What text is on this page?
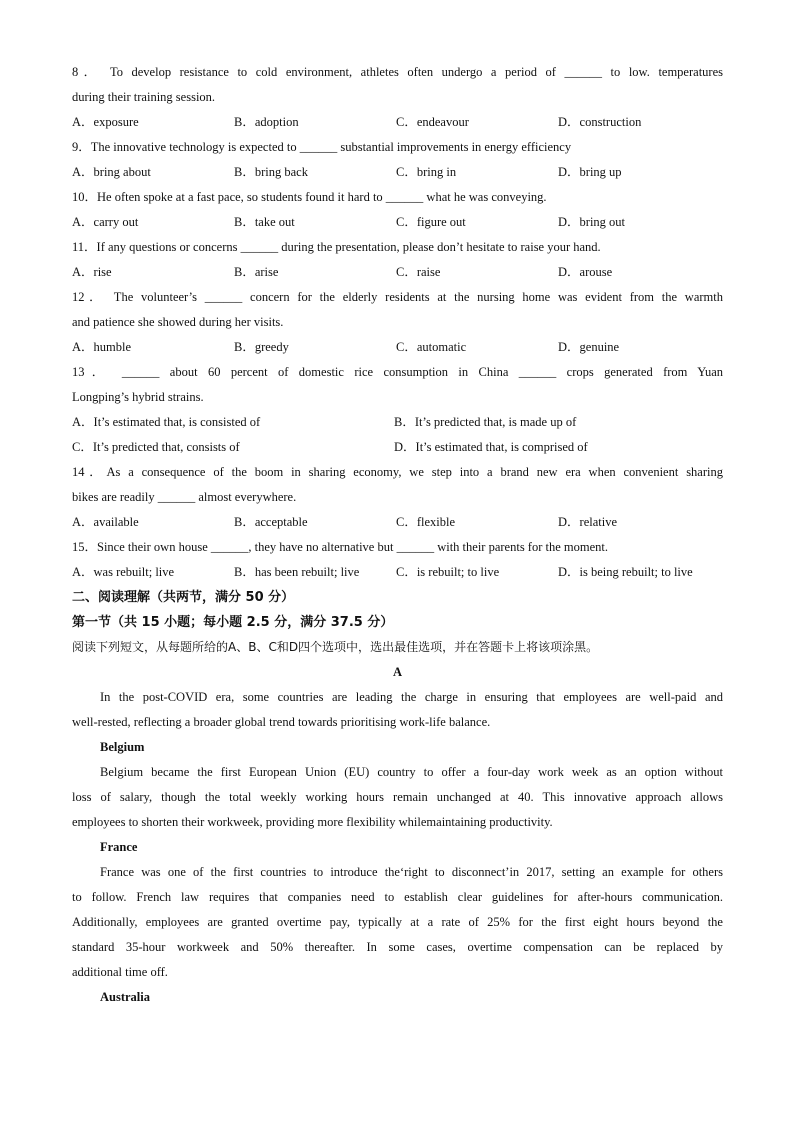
8． To develop resistance to cold environment, athletes often undergo a period of ______ to low. temperatures
during their training session.
A．exposure	B．adoption	C．endeavour	D．construction
9．The innovative technology is expected to ______ substantial improvements in energy efficiency
A．bring about	B．bring back	C．bring in	D．bring up
10．He often spoke at a fast pace, so students found it hard to ______ what he was conveying.
A．carry out	B．take out	C．figure out	D．bring out
11．If any questions or concerns ______ during the presentation, please don’t hesitate to raise your hand.
A．rise	B．arise	C．raise	D．arouse
12． The volunteer’s ______ concern for the elderly residents at the nursing home was evident from the warmth
and patience she showed during her visits.
A．humble	B．greedy	C．automatic	D．genuine
13． ______ about 60 percent of domestic rice consumption in China ______ crops generated from Yuan
Longping’s hybrid strains.
A．It’s estimated that, is consisted of	B．It’s predicted that, is made up of
C．It’s predicted that, consists of	D．It’s estimated that, is comprised of
14．As a consequence of the boom in sharing economy, we step into a brand new era when convenient sharing
bikes are readily ______ almost everywhere.
A．available	B．acceptable	C．flexible	D．relative
15．Since their own house ______, they have no alternative but ______ with their parents for the moment.
A．was rebuilt; live	B．has been rebuilt; live	C．is rebuilt; to live	D．is being rebuilt; to live
二、阅读理解（共两节，满分 50 分）
第一节（共 15 小题；每小题 2.5 分，满分 37.5 分）
阅读下列短文，从每题所给的A、B、C和D四个选项中，选出最佳选项，并在答题卡上将该项涂黑。
A
In the post-COVID era, some countries are leading the charge in ensuring that employees are well-paid and
well-rested, reflecting a broader global trend towards prioritising work-life balance.
Belgium
Belgium became the first European Union (EU) country to offer a four-day work week as an option without
loss of salary, though the total weekly working hours remain unchanged at 40. This innovative approach allows
employees to shorten their workweek, providing more flexibility whilemaintaining productivity.
France
France was one of the first countries to introduce the‘right to disconnect’in 2017, setting an example for others
to follow. French law requires that companies need to establish clear guidelines for after-hours communication.
Additionally, employees are granted overtime pay, typically at a rate of 25% for the first eight hours beyond the
standard 35-hour workweek and 50% thereafter. In some cases, overtime compensation can be replaced by
additional time off.
Australia
